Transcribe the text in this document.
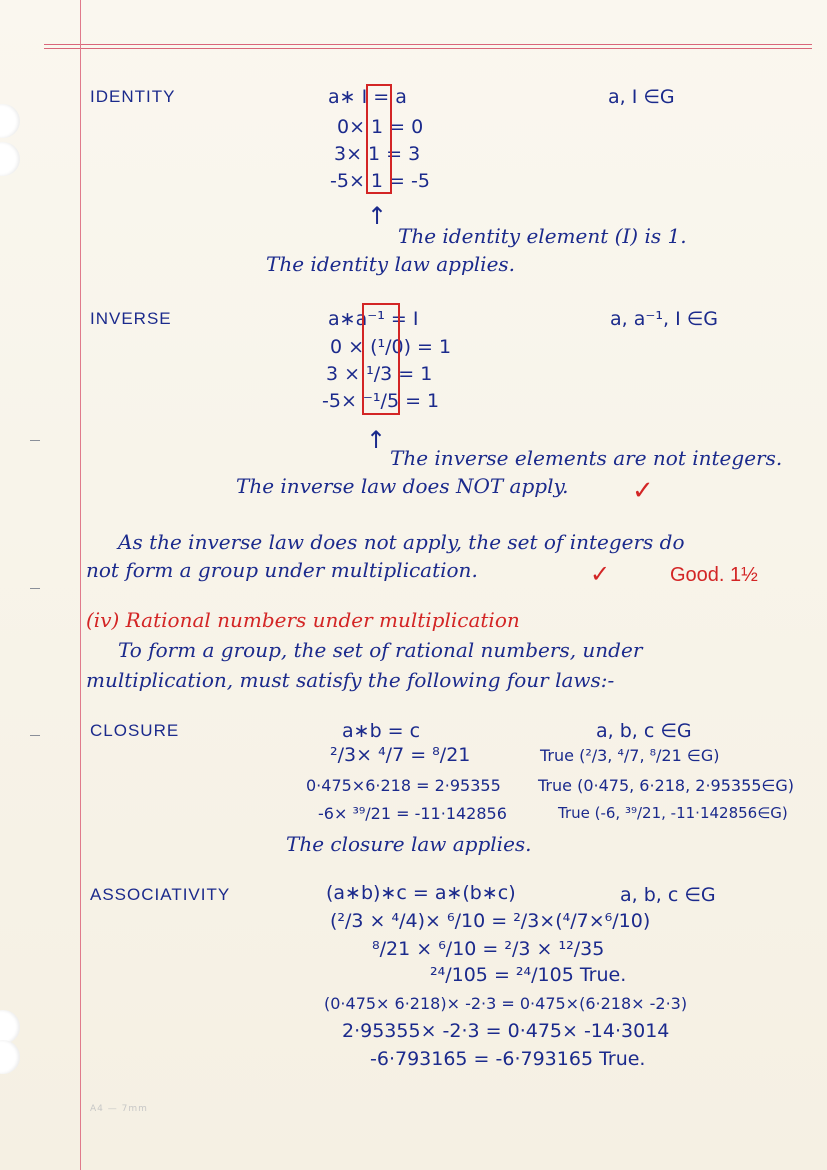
IDENTITY	a∗ I = a	a, I ∈G
0× 1 = 0
3× 1 = 3
-5× 1 = -5
↑
The identity element (I) is 1.
The identity law applies.
INVERSE	a∗a⁻¹ = I	a, a⁻¹, I ∈G
0 × (¹/0) = 1
3 × ¹/3 = 1
-5× ⁻¹/5 = 1
↑
The inverse elements are not integers.
The inverse law does NOT apply. ✓
As the inverse law does not apply, the set of integers do
not form a group under multiplication.	✓	Good. 1½
(iv) Rational numbers under multiplication
To form a group, the set of rational numbers, under
multiplication, must satisfy the following four laws:-
CLOSURE	a∗b = c	a, b, c ∈G
²/3× ⁴/7 = ⁸/21	True (²/3, ⁴/7, ⁸/21 ∈G)
0·475×6·218 = 2·95355 True (0·475, 6·218, 2·95355∈G)
-6× ³⁹/21 = -11·142856	True (-6, ³⁹/21, -11·142856∈G)
The closure law applies.
ASSOCIATIVITY	(a∗b)∗c = a∗(b∗c)	a, b, c ∈G
(²/3 × ⁴/4)× ⁶/10 = ²/3×(⁴/7×⁶/10)
⁸/21 × ⁶/10 = ²/3 × ¹²/35
²⁴/105 = ²⁴/105 True.
(0·475× 6·218)× -2·3 = 0·475×(6·218× -2·3)
2·95355× -2·3 = 0·475× -14·3014
-6·793165 = -6·793165 True.
A4 — 7mm
